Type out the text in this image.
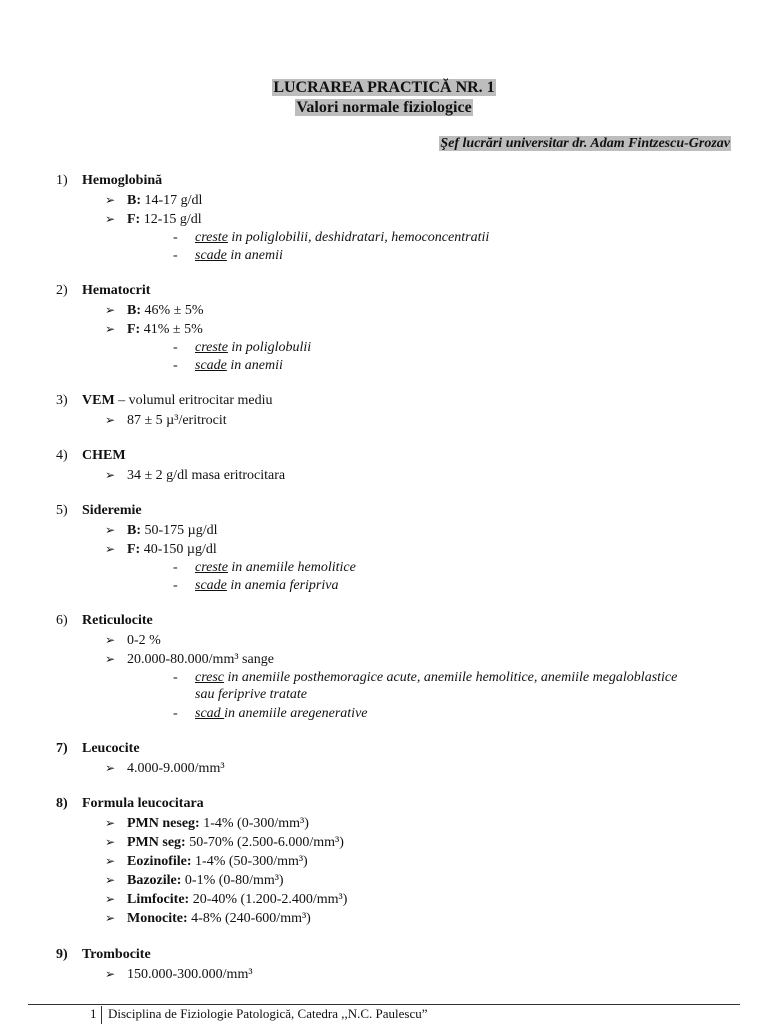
LUCRAREA PRACTICĂ NR. 1
Valori normale fiziologice
Şef lucrări universitar dr. Adam Fintzescu-Grozav
1) Hemoglobină
➢ B: 14-17 g/dl
➢ F: 12-15 g/dl
- creste in poliglobilii, deshidratari, hemoconcentratii
- scade in anemii
2) Hematocrit
➢ B: 46% ± 5%
➢ F: 41% ± 5%
- creste in poliglobulii
- scade in anemii
3) VEM – volumul eritrocitar mediu
➢ 87 ± 5 µ³/eritrocit
4) CHEM
➢ 34 ± 2 g/dl masa eritrocitara
5) Sideremie
➢ B: 50-175 µg/dl
➢ F: 40-150 µg/dl
- creste in anemiile hemolitice
- scade in anemia feripriva
6) Reticulocite
➢ 0-2 %
➢ 20.000-80.000/mm³ sange
- cresc in anemiile posthemoragice acute, anemiile hemolitice, anemiile megaloblastice
sau feriprive tratate
- scad in anemiile aregenerative
7) Leucocite
➢ 4.000-9.000/mm³
8) Formula leucocitara
➢ PMN neseg: 1-4% (0-300/mm³)
➢ PMN seg: 50-70% (2.500-6.000/mm³)
➢ Eozinofile: 1-4% (50-300/mm³)
➢ Bazozile: 0-1% (0-80/mm³)
➢ Limfocite: 20-40% (1.200-2.400/mm³)
➢ Monocite: 4-8% (240-600/mm³)
9) Trombocite
➢ 150.000-300.000/mm³
1 Disciplina de Fiziologie Patologică, Catedra ,,N.C. Paulescu”
